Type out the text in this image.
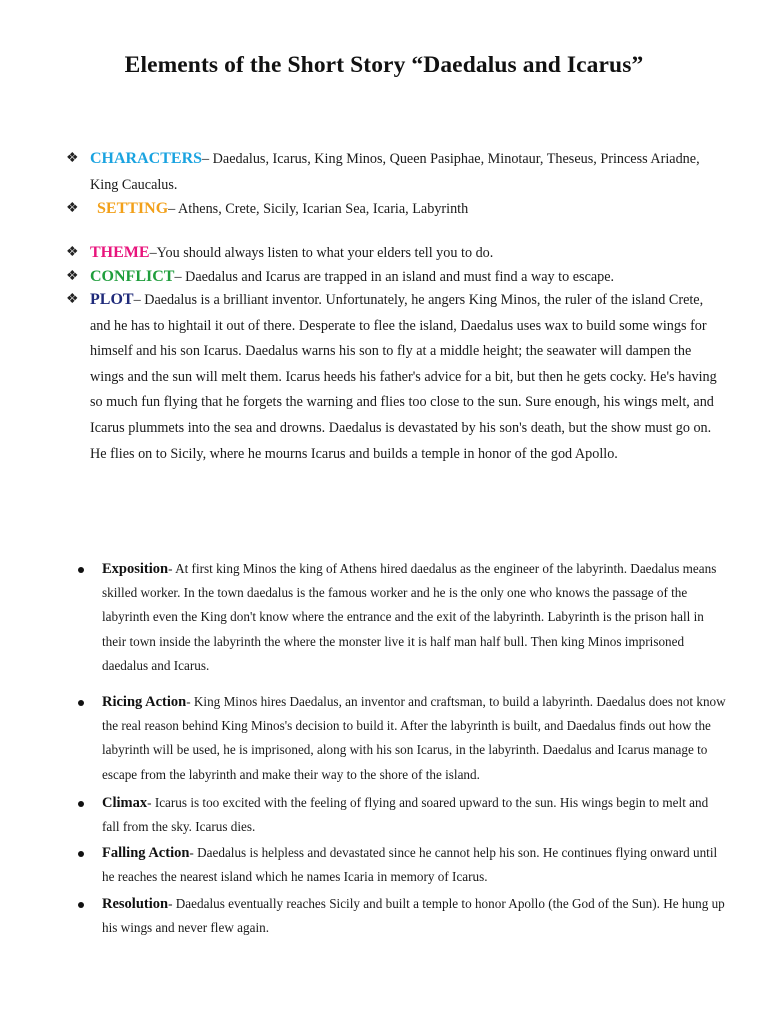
Elements of the Short Story “Daedalus and Icarus”
❖ CHARACTERS– Daedalus, Icarus, King Minos, Queen Pasiphae, Minotaur, Theseus, Princess Ariadne, King Caucalus.
❖	SETTING– Athens, Crete, Sicily, Icarian Sea, Icaria, Labyrinth
❖ THEME–You should always listen to what your elders tell you to do.
❖ CONFLICT– Daedalus and Icarus are trapped in an island and must find a way to escape.
❖ PLOT– Daedalus is a brilliant inventor. Unfortunately, he angers King Minos, the ruler of the island Crete, and he has to hightail it out of there. Desperate to flee the island, Daedalus uses wax to build some wings for himself and his son Icarus. Daedalus warns his son to fly at a middle height; the seawater will dampen the wings and the sun will melt them. Icarus heeds his father's advice for a bit, but then he gets cocky. He's having so much fun flying that he forgets the warning and flies too close to the sun. Sure enough, his wings melt, and Icarus plummets into the sea and drowns. Daedalus is devastated by his son's death, but the show must go on. He flies on to Sicily, where he mourns Icarus and builds a temple in honor of the god Apollo.
Exposition- At first king Minos the king of Athens hired daedalus as the engineer of the labyrinth. Daedalus means skilled worker. In the town daedalus is the famous worker and he is the only one who knows the passage of the labyrinth even the King don't know where the entrance and the exit of the labyrinth. Labyrinth is the prison hall in their town inside the labyrinth the where the monster live it is half man half bull. Then king Minos imprisoned daedalus and Icarus.
Ricing Action- King Minos hires Daedalus, an inventor and craftsman, to build a labyrinth. Daedalus does not know the real reason behind King Minos's decision to build it. After the labyrinth is built, and Daedalus finds out how the labyrinth will be used, he is imprisoned, along with his son Icarus, in the labyrinth. Daedalus and Icarus manage to escape from the labyrinth and make their way to the shore of the island.
Climax- Icarus is too excited with the feeling of flying and soared upward to the sun. His wings begin to melt and fall from the sky. Icarus dies.
Falling Action- Daedalus is helpless and devastated since he cannot help his son. He continues flying onward until he reaches the nearest island which he names Icaria in memory of Icarus.
Resolution- Daedalus eventually reaches Sicily and built a temple to honor Apollo (the God of the Sun). He hung up his wings and never flew again.
